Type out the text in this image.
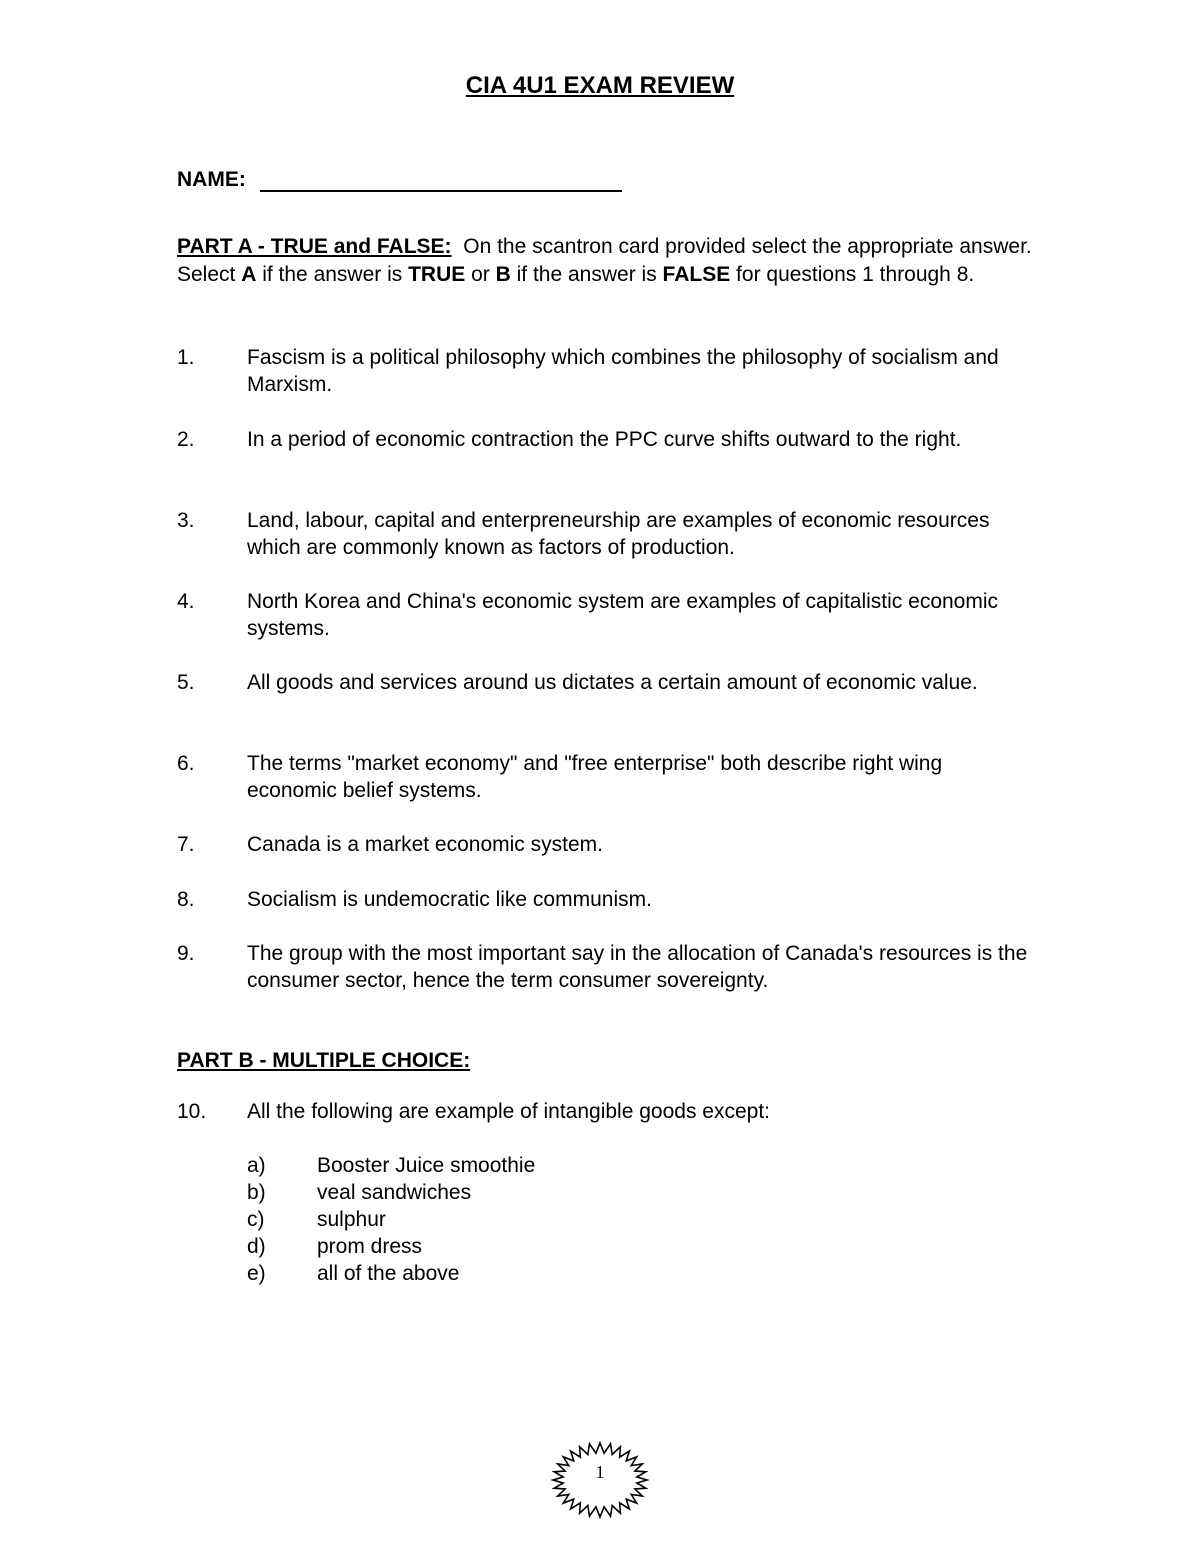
CIA 4U1 EXAM REVIEW
NAME:
PART A - TRUE and FALSE: On the scantron card provided select the appropriate answer. Select A if the answer is TRUE or B if the answer is FALSE for questions 1 through 8.
1. Fascism is a political philosophy which combines the philosophy of socialism and Marxism.
2. In a period of economic contraction the PPC curve shifts outward to the right.
3. Land, labour, capital and enterpreneurship are examples of economic resources which are commonly known as factors of production.
4. North Korea and China's economic system are examples of capitalistic economic systems.
5. All goods and services around us dictates a certain amount of economic value.
6. The terms "market economy" and "free enterprise" both describe right wing economic belief systems.
7. Canada is a market economic system.
8. Socialism is undemocratic like communism.
9. The group with the most important say in the allocation of Canada's resources is the consumer sector, hence the term consumer sovereignty.
PART B - MULTIPLE CHOICE:
10. All the following are example of intangible goods except:
a) Booster Juice smoothie
b) veal sandwiches
c)	sulphur
d) prom dress
e) all of the above
1
